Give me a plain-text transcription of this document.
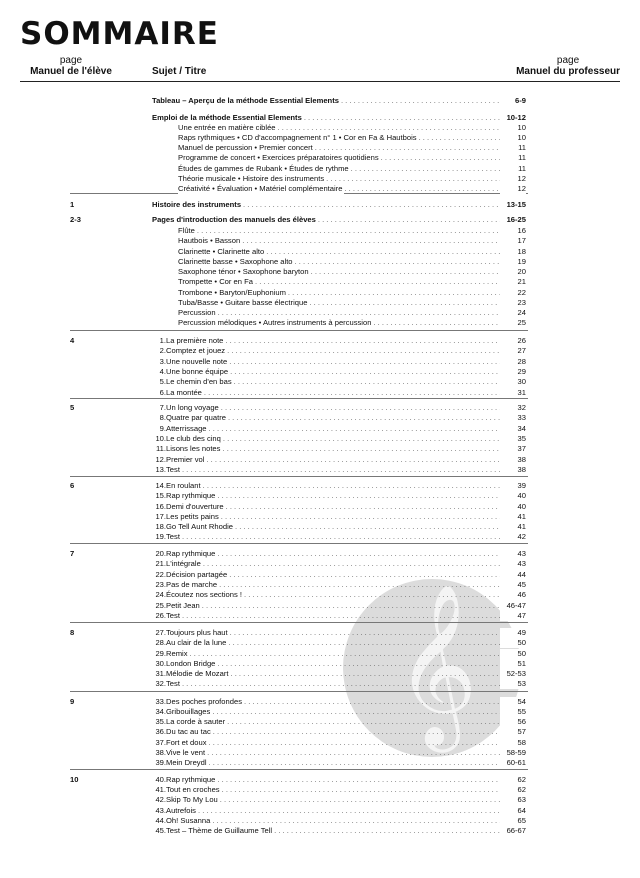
SOMMAIRE
page
Manuel de l'élève	Sujet / Titre
page
Manuel du professeur
𝄞
Tableau – Aperçu de la méthode Essential Elements . . .	6-9
Emploi de la méthode Essential Elements . . .	10-12
Une entrée en matière ciblée . . .	10
Raps rythmiques • CD d'accompagnement n° 1 • Cor en Fa & Hautbois . . .	10
Manuel de percussion • Premier concert . . .	11
Programme de concert • Exercices préparatoires quotidiens . . .	11
Études de gammes de Rubank • Études de rythme . . .	11
Théorie musicale • Histoire des instruments . . .	12
Créativité • Évaluation • Matériel complémentaire . . .	12
1	Histoire des instruments . . .	13-15
2-3	Pages d'introduction des manuels des élèves . . .	16-25
Flûte . . .	16
Hautbois • Basson . . .	17
Clarinette • Clarinette alto . . .	18
Clarinette basse • Saxophone alto . . .	19
Saxophone ténor • Saxophone baryton . . .	20
Trompette • Cor en Fa . . .	21
Trombone • Baryton/Euphonium . . .	22
Tuba/Basse • Guitare basse électrique . . .	23
Percussion . . .	24
Percussion mélodiques • Autres instruments à percussion . . .	25
4	1.La première note . . .	26
2.Comptez et jouez . . .	27
3.Une nouvelle note . . .	28
4.Une bonne équipe . . .	29
5.Le chemin d'en bas . . .	30
6.La montée . . .	31
5	7.Un long voyage . . .	32
8.Quatre par quatre . . .	33
9.Atterrissage . . .	34
10.Le club des cinq . . .	35
11.Lisons les notes . . .	37
12.Premier vol . . .	38
13.Test . . .	38
6	14.En roulant . . .	39
15.Rap rythmique . . .	40
16.Demi d'ouverture . . .	40
17.Les petits pains . . .	41
18.Go Tell Aunt Rhodie . . .	41
19.Test . . .	42
7	20.Rap rythmique . . .	43
21.L'intégrale . . .	43
22.Décision partagée . . .	44
23.Pas de marche . . .	45
24.Écoutez nos sections ! . . .	46
25.Petit Jean . . .	46-47
26.Test . . .	47
8	27.Toujours plus haut . . .	49
28.Au clair de la lune . . .	50
29.Remix . . .	50
30.London Bridge . . .	51
31.Mélodie de Mozart . . .	52-53
32.Test . . .	53
9	33.Des poches profondes . . .	54
34.Gribouillages . . .	55
35.La corde à sauter . . .	56
36.Du tac au tac . . .	57
37.Fort et doux . . .	58
38.Vive le vent . . .	58-59
39.Mein Dreydl . . .	60-61
10	40.Rap rythmique . . .	62
41.Tout en croches . . .	62
42.Skip To My Lou . . .	63
43.Autrefois . . .	64
44.Oh! Susanna . . .	65
45.Test – Thème de Guillaume Tell . . .	66-67
